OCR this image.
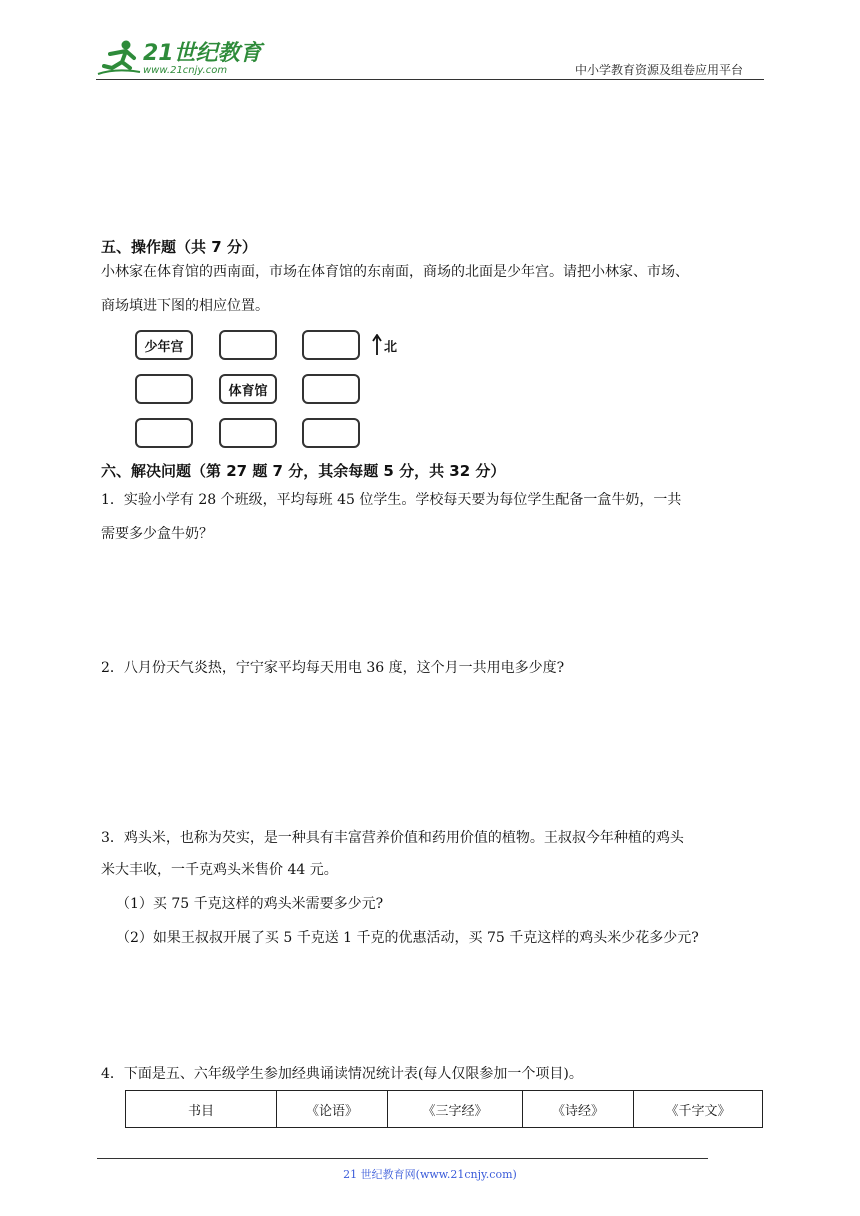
21世纪教育
www.21cnjy.com	中小学教育资源及组卷应用平台
五、操作题（共 7 分）
小林家在体育馆的西南面，市场在体育馆的东南面，商场的北面是少年宫。请把小林家、市场、
商场填进下图的相应位置。
少年宫
体育馆
北
六、解决问题（第 27 题 7 分，其余每题 5 分，共 32 分）
1．实验小学有 28 个班级，平均每班 45 位学生。学校每天要为每位学生配备一盒牛奶，一共
需要多少盒牛奶？
2．八月份天气炎热，宁宁家平均每天用电 36 度，这个月一共用电多少度?
3．鸡头米，也称为芡实，是一种具有丰富营养价值和药用价值的植物。王叔叔今年种植的鸡头
米大丰收，一千克鸡头米售价 44 元。
（1）买 75 千克这样的鸡头米需要多少元?
（2）如果王叔叔开展了买 5 千克送 1 千克的优惠活动，买 75 千克这样的鸡头米少花多少元?
4．下面是五、六年级学生参加经典诵读情况统计表(每人仅限参加一个项目)。
书目	《论语》	《三字经》	《诗经》	《千字文》
21 世纪教育网(www.21cnjy.com)
